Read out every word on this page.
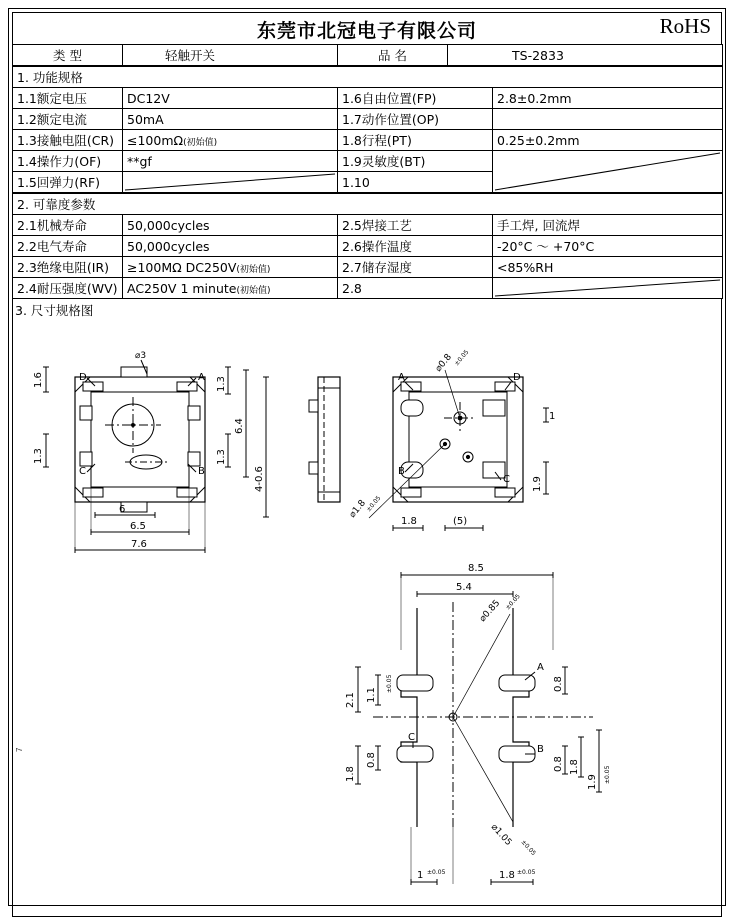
东莞市北冠电子有限公司	RoHS
类 型	轻触开关	品 名	TS-2833
1. 功能规格			
1.1额定电压	DC12V	1.6自由位置(FP)	2.8±0.2mm
1.2额定电流	50mA	1.7动作位置(OP)	
1.3接触电阻(CR)	≤100mΩ(初始值)	1.8行程(PT)	0.25±0.2mm
1.4操作力(OF)	**gf	1.9灵敏度(BT)	

1.5回弹力(RF)		1.10	
2. 可靠度参数			
2.1机械寿命	50,000cycles	2.5焊接工艺	手工焊, 回流焊
2.2电气寿命	50,000cycles	2.6操作温度	-20°C 〜 +70°C
2.3绝缘电阻(IR)	≥100MΩ DC250V(初始值)	2.7储存湿度	<85%RH
2.4耐压强度(WV)	AC250V 1 minute(初始值)	2.8	
3. 尺寸规格图
7
D	A
C	B
⌀3
1.6
1.3
1.3
1.3
6.4
4-0.6
6
6.5
7.6
A	D
B
C
⌀0.8 ±0.05
⌀1.8
±0.05
1
1.9
1.8	(5)
8.5
5.4
A
B
C
2.1 1.1
±0.05
1.8
0.8
0.8
0.8 1.8
1.9 ±0.05
⌀0.85 ±0.05
⌀1.05 ±0.05
1 ±0.05	1.8 ±0.05
